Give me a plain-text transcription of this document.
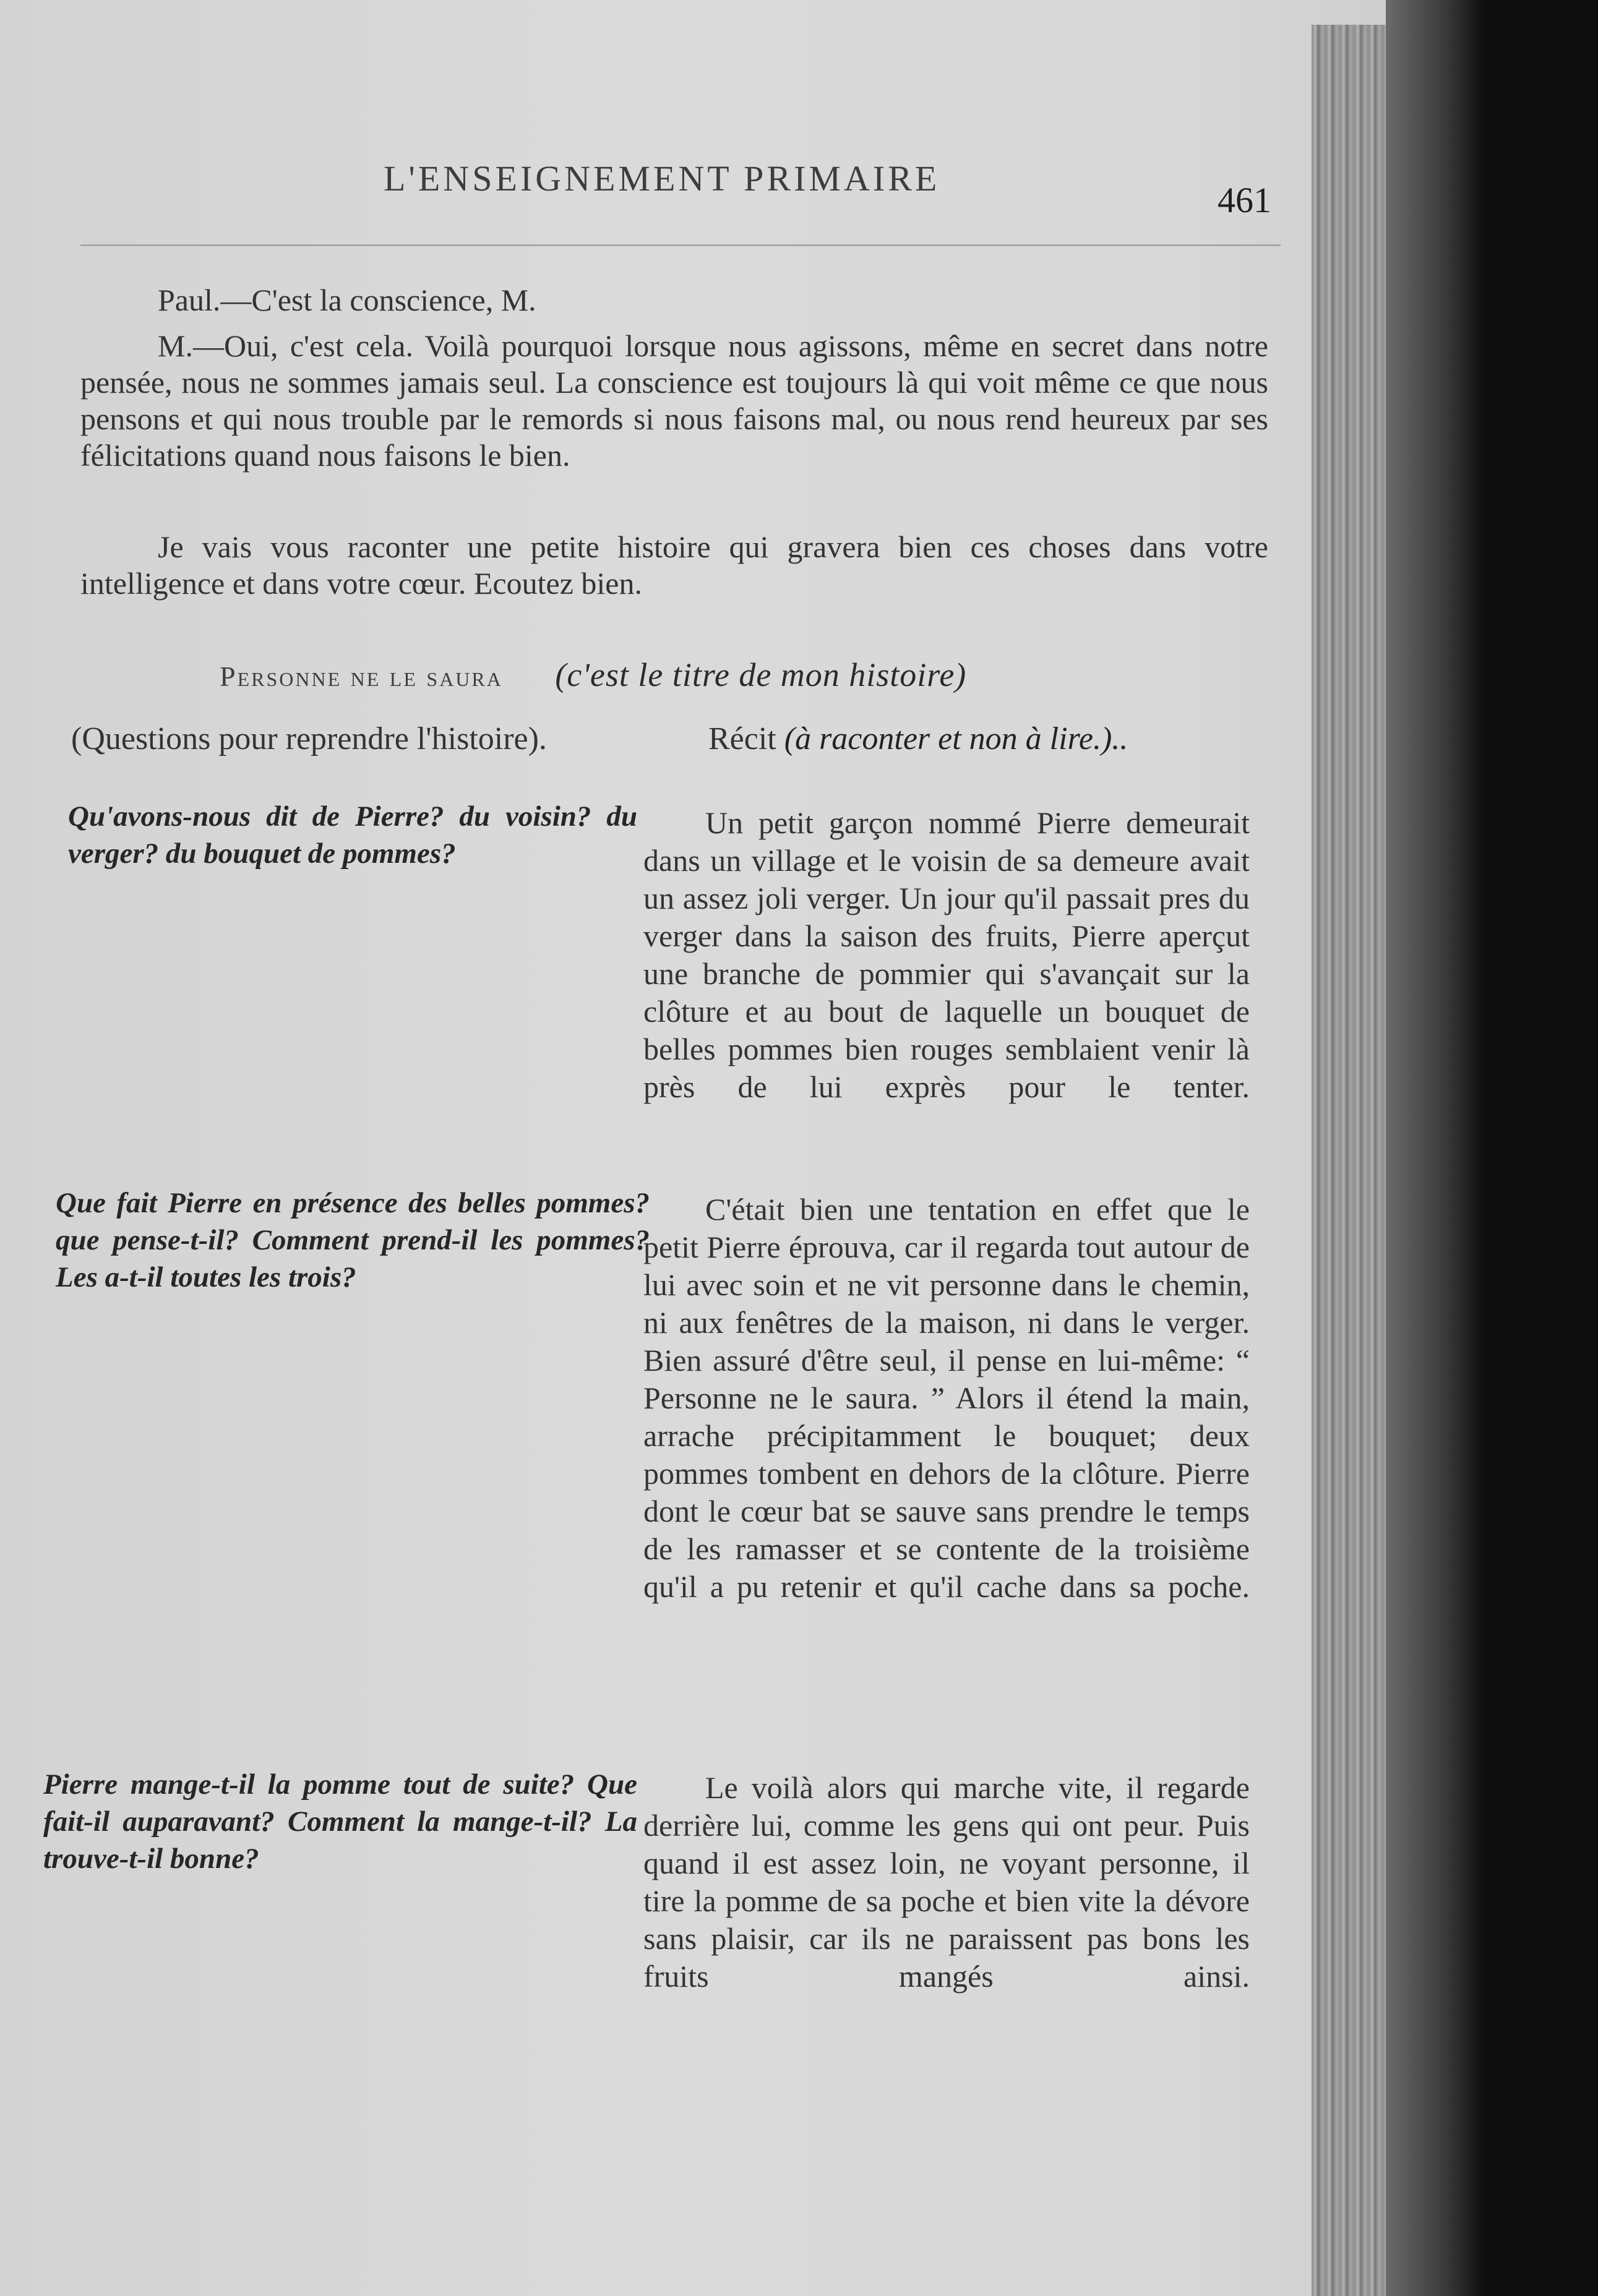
L'ENSEIGNEMENT PRIMAIRE
461
Paul.—C'est la conscience, M.
M.—Oui, c'est cela. Voilà pourquoi lorsque nous agissons, même en secret dans notre pensée, nous ne sommes jamais seul. La conscience est toujours là qui voit même ce que nous pensons et qui nous trouble par le remords si nous faisons mal, ou nous rend heureux par ses félicitations quand nous faisons le bien.
Je vais vous raconter une petite histoire qui gravera bien ces choses dans votre intelligence et dans votre cœur. Ecoutez bien.
Personne ne le saura (c'est le titre de mon histoire)
(Questions pour reprendre l'histoire).	Récit (à raconter et non à lire.)..
Qu'avons-nous dit de Pierre? du voisin? du verger? du bouquet de pommes?
Un petit garçon nommé Pierre demeurait dans un village et le voisin de sa demeure avait un assez joli verger. Un jour qu'il passait pres du verger dans la saison des fruits, Pierre aperçut une branche de pommier qui s'avançait sur la clôture et au bout de laquelle un bouquet de belles pommes bien rouges semblaient venir là près de lui exprès pour le tenter.
Que fait Pierre en présence des belles pommes? que pense-t-il? Comment prend-il les pommes? Les a-t-il toutes les trois?
C'était bien une tentation en effet que le petit Pierre éprouva, car il regarda tout autour de lui avec soin et ne vit personne dans le chemin, ni aux fenêtres de la maison, ni dans le verger. Bien assuré d'être seul, il pense en lui-même: “ Personne ne le saura. ” Alors il étend la main, arrache précipitamment le bouquet; deux pommes tombent en dehors de la clôture. Pierre dont le cœur bat se sauve sans prendre le temps de les ramasser et se contente de la troisième qu'il a pu retenir et qu'il cache dans sa poche.
Pierre mange-t-il la pomme tout de suite? Que fait-il auparavant? Comment la mange-t-il? La trouve-t-il bonne?
Le voilà alors qui marche vite, il regarde derrière lui, comme les gens qui ont peur. Puis quand il est assez loin, ne voyant personne, il tire la pomme de sa poche et bien vite la dévore sans plaisir, car ils ne paraissent pas bons les fruits mangés ainsi.
